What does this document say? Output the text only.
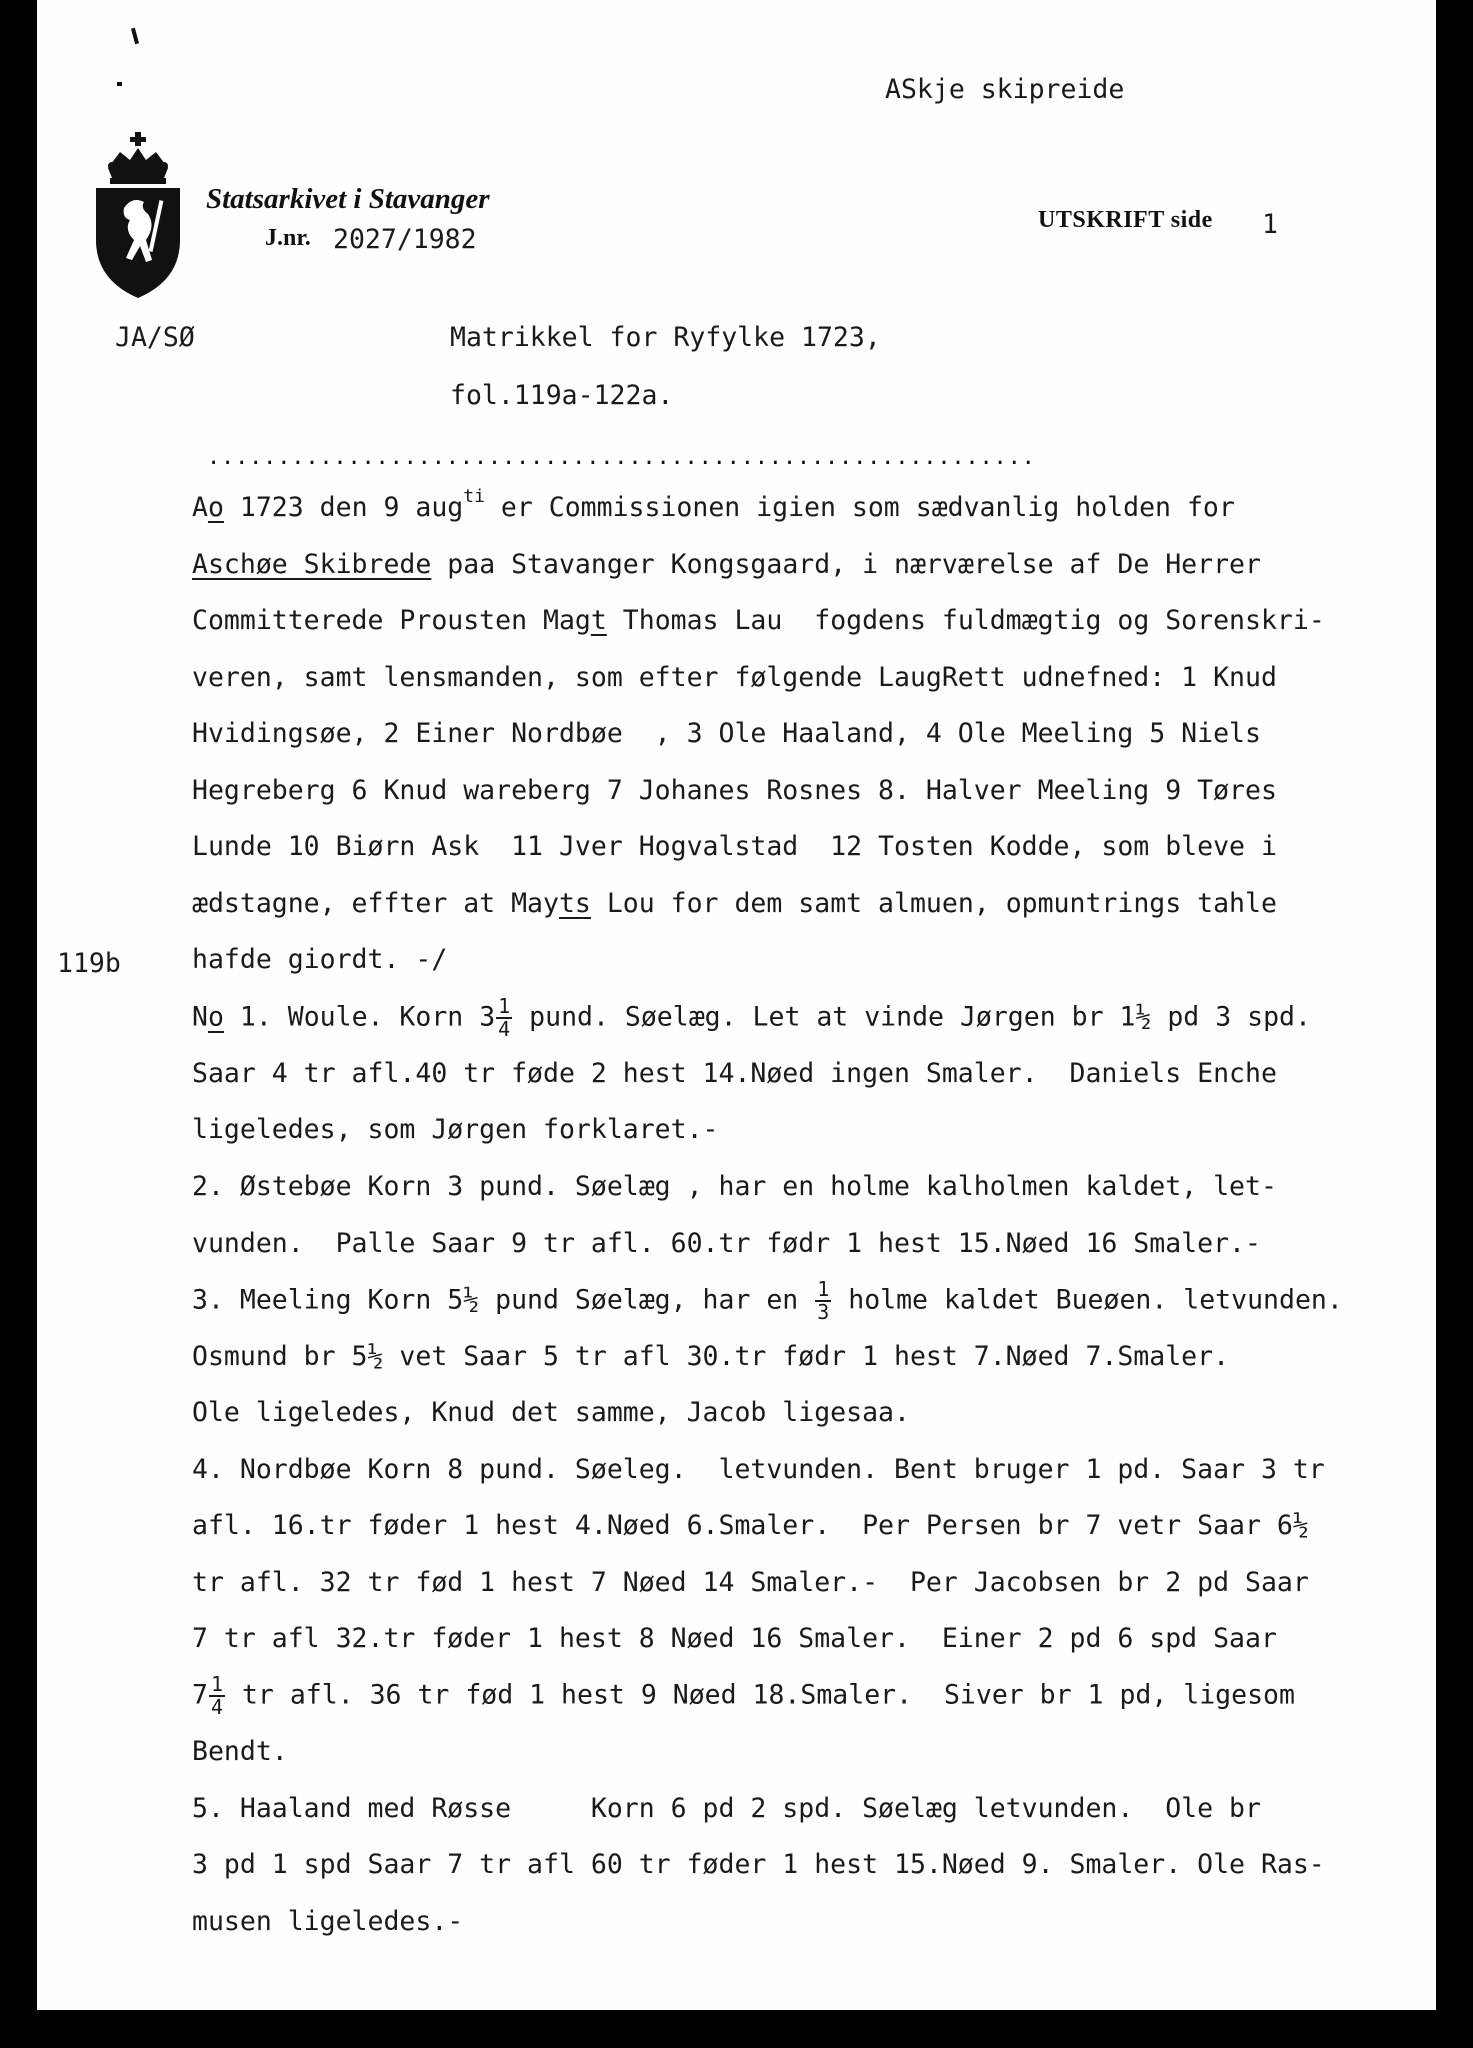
ASkje skipreide
Statsarkivet i Stavanger
J.nr. 2027/1982
UTSKRIFT side 1
JA/SØ	Matrikkel for Ryfylke 1723,
fol.119a-122a.
...........................................................
119b
Ao 1723 den 9 aug$^{ti}$ er Commissionen igien som sædvanlig holden for
Aschøe Skibrede paa Stavanger Kongsgaard, i nærværelse af De Herrer
Committerede Prousten Magt Thomas Lau  fogdens fuldmægtig og Sorenskri-
veren, samt lensmanden, som efter følgende LaugRett udnefned: 1 Knud
Hvidingsøe, 2 Einer Nordbøe  , 3 Ole Haaland, 4 Ole Meeling 5 Niels
Hegreberg 6 Knud wareberg 7 Johanes Rosnes 8. Halver Meeling 9 Tøres
Lunde 10 Biørn Ask  11 Jver Hogvalstad  12 Tosten Kodde, som bleve i
ædstagne, effter at Mayts Lou for dem samt almuen, opmuntrings tahle
hafde giordt. -/
No 1. Woule. Korn $3 \frac{1}{4}$ pund. Søelæg. Let at vinde Jørgen br 1½ pd 3 spd.
Saar 4 tr afl.40 tr føde 2 hest 14.Nøed ingen Smaler.  Daniels Enche
ligeledes, som Jørgen forklaret.-
2. Østebøe Korn 3 pund. Søelæg , har en holme kalholmen kaldet, let-
vunden.  Palle Saar 9 tr afl. 60.tr fødr 1 hest 15.Nøed 16 Smaler.-
3. Meeling Korn 5½ pund Søelæg, har en $\frac{1}{3}$ holme kaldet Bueøen. letvunden.
Osmund br 5½ vet Saar 5 tr afl 30.tr fødr 1 hest 7.Nøed 7.Smaler.
Ole ligeledes, Knud det samme, Jacob ligesaa.
4. Nordbøe Korn 8 pund. Søeleg.  letvunden. Bent bruger 1 pd. Saar 3 tr
afl. 16.tr føder 1 hest 4.Nøed 6.Smaler.  Per Persen br 7 vetr Saar 6½
tr afl. 32 tr fød 1 hest 7 Nøed 14 Smaler.-  Per Jacobsen br 2 pd Saar
7 tr afl 32.tr føder 1 hest 8 Nøed 16 Smaler.  Einer 2 pd 6 spd Saar
$7 \frac{1}{4}$ tr afl. 36 tr fød 1 hest 9 Nøed 18.Smaler.  Siver br 1 pd, ligesom
Bendt.
5. Haaland med Røsse     Korn 6 pd 2 spd. Søelæg letvunden.  Ole br
3 pd 1 spd Saar 7 tr afl 60 tr føder 1 hest 15.Nøed 9. Smaler. Ole Ras-
musen ligeledes.-
